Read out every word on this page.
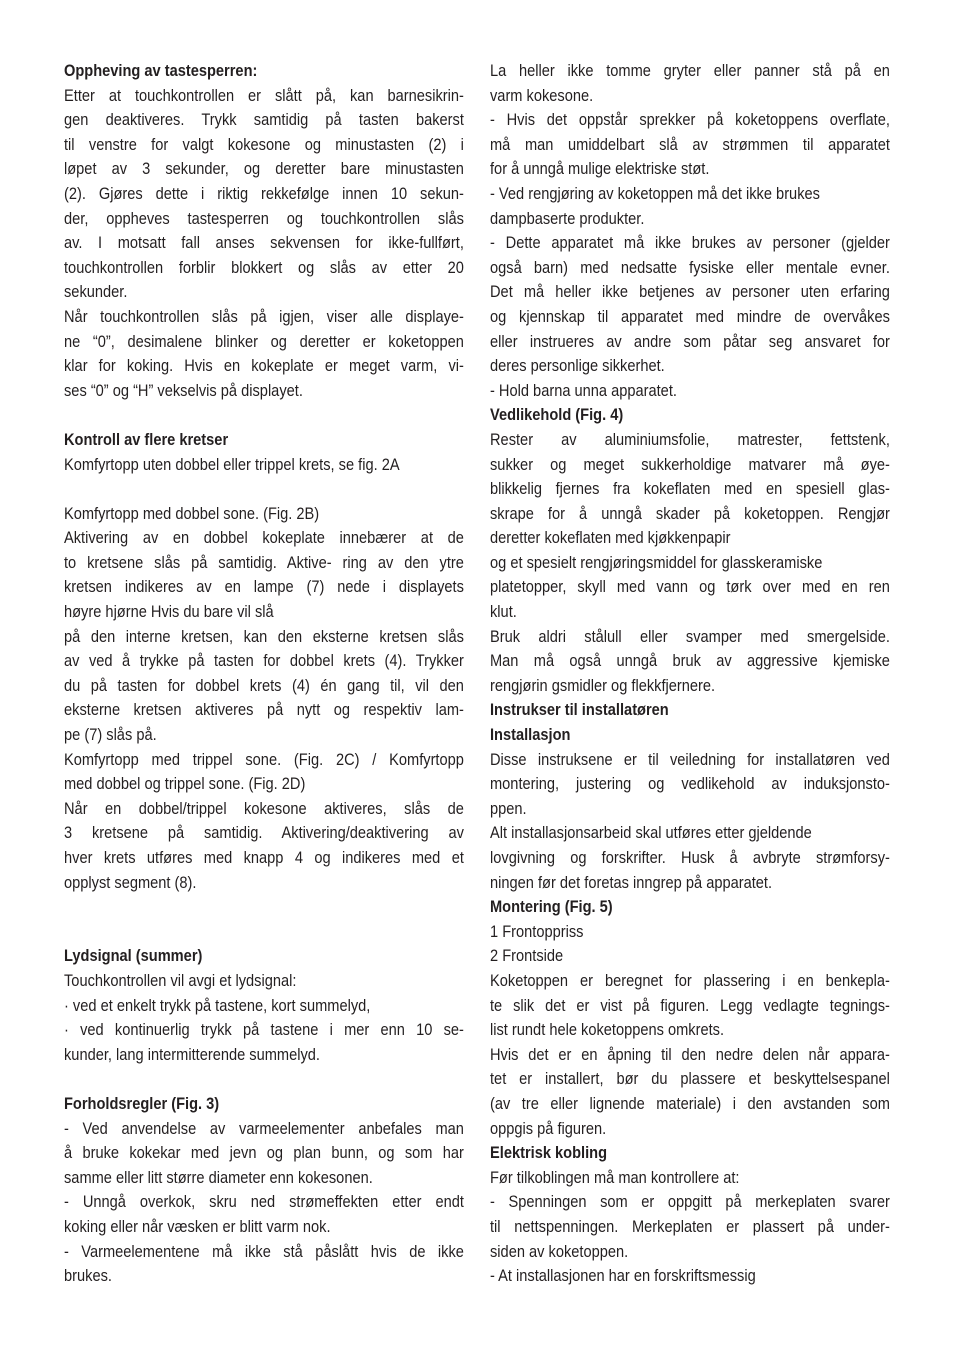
Oppheving av tastesperren:
Etter at touchkontrollen er slått på, kan barnesikrin-
gen deaktiveres. Trykk samtidig på tasten bakerst
til venstre for valgt kokesone og minustasten (2) i
løpet av 3 sekunder, og deretter bare minustasten
(2). Gjøres dette i riktig rekkefølge innen 10 sekun-
der, oppheves tastesperren og touchkontrollen slås
av. I motsatt fall anses sekvensen for ikke-fullført,
touchkontrollen forblir blokkert og slås av etter 20
sekunder.
Når touchkontrollen slås på igjen, viser alle displaye-
ne “0”, desimalene blinker og deretter er koketoppen
klar for koking. Hvis en kokeplate er meget varm, vi-
ses “0” og “H” vekselvis på displayet.
Kontroll av flere kretser
Komfyrtopp uten dobbel eller trippel krets, se fig. 2A
Komfyrtopp med dobbel sone. (Fig. 2B)
Aktivering av en dobbel kokeplate innebærer at de
to kretsene slås på samtidig. Aktive- ring av den ytre
kretsen indikeres av en lampe (7) nede i displayets
høyre hjørne Hvis du bare vil slå
på den interne kretsen, kan den eksterne kretsen slås
av ved å trykke på tasten for dobbel krets (4). Trykker
du på tasten for dobbel krets (4) én gang til, vil den
eksterne kretsen aktiveres på nytt og respektiv lam-
pe (7) slås på.
Komfyrtopp med trippel sone. (Fig. 2C) / Komfyrtopp
med dobbel og trippel sone. (Fig. 2D)
Når en dobbel/trippel kokesone aktiveres, slås de
3 kretsene på samtidig. Aktivering/deaktivering av
hver krets utføres med knapp 4 og indikeres med et
opplyst segment (8).
Lydsignal (summer)
Touchkontrollen vil avgi et lydsignal:
· ved et enkelt trykk på tastene, kort summelyd,
· ved kontinuerlig trykk på tastene i mer enn 10 se-
kunder, lang intermitterende summelyd.
Forholdsregler (Fig. 3)
- Ved anvendelse av varmeelementer anbefales man
å bruke kokekar med jevn og plan bunn, og som har
samme eller litt større diameter enn kokesonen.
- Unngå overkok, skru ned strømeffekten etter endt
koking eller når væsken er blitt varm nok.
- Varmeelementene må ikke stå påslått hvis de ikke
brukes.
La heller ikke tomme gryter eller panner stå på en
varm kokesone.
- Hvis det oppstår sprekker på koketoppens overflate,
må man umiddelbart slå av strømmen til apparatet
for å unngå mulige elektriske støt.
- Ved rengjøring av koketoppen må det ikke brukes
dampbaserte produkter.
- Dette apparatet må ikke brukes av personer (gjelder
også barn) med nedsatte fysiske eller mentale evner.
Det må heller ikke betjenes av personer uten erfaring
og kjennskap til apparatet med mindre de overvåkes
eller instrueres av andre som påtar seg ansvaret for
deres personlige sikkerhet.
- Hold barna unna apparatet.
Vedlikehold (Fig. 4)
Rester av aluminiumsfolie, matrester, fettstenk,
sukker og meget sukkerholdige matvarer må øye-
blikkelig fjernes fra kokeflaten med en spesiell glas-
skrape for å unngå skader på koketoppen. Rengjør
deretter kokeflaten med kjøkkenpapir
og et spesielt rengjøringsmiddel for glasskeramiske
platetopper, skyll med vann og tørk over med en ren
klut.
Bruk aldri stålull eller svamper med smergelside.
Man må også unngå bruk av aggressive kjemiske
rengjørin gsmidler og flekkfjernere.
Instrukser til installatøren
Installasjon
Disse instruksene er til veiledning for installatøren ved
montering, justering og vedlikehold av induksjonsto-
ppen.
Alt installasjonsarbeid skal utføres etter gjeldende
lovgivning og forskrifter. Husk å avbryte strømforsy-
ningen før det foretas inngrep på apparatet.
Montering (Fig. 5)
1 Frontoppriss
2 Frontside
Koketoppen er beregnet for plassering i en benkepla-
te slik det er vist på figuren. Legg vedlagte tegnings-
list rundt hele koketoppens omkrets.
Hvis det er en åpning til den nedre delen når appara-
tet er installert, bør du plassere et beskyttelsespanel
(av tre eller lignende materiale) i den avstanden som
oppgis på figuren.
Elektrisk kobling
Før tilkoblingen må man kontrollere at:
- Spenningen som er oppgitt på merkeplaten svarer
til nettspenningen. Merkeplaten er plassert på under-
siden av koketoppen.
- At installasjonen har en forskriftsmessig
